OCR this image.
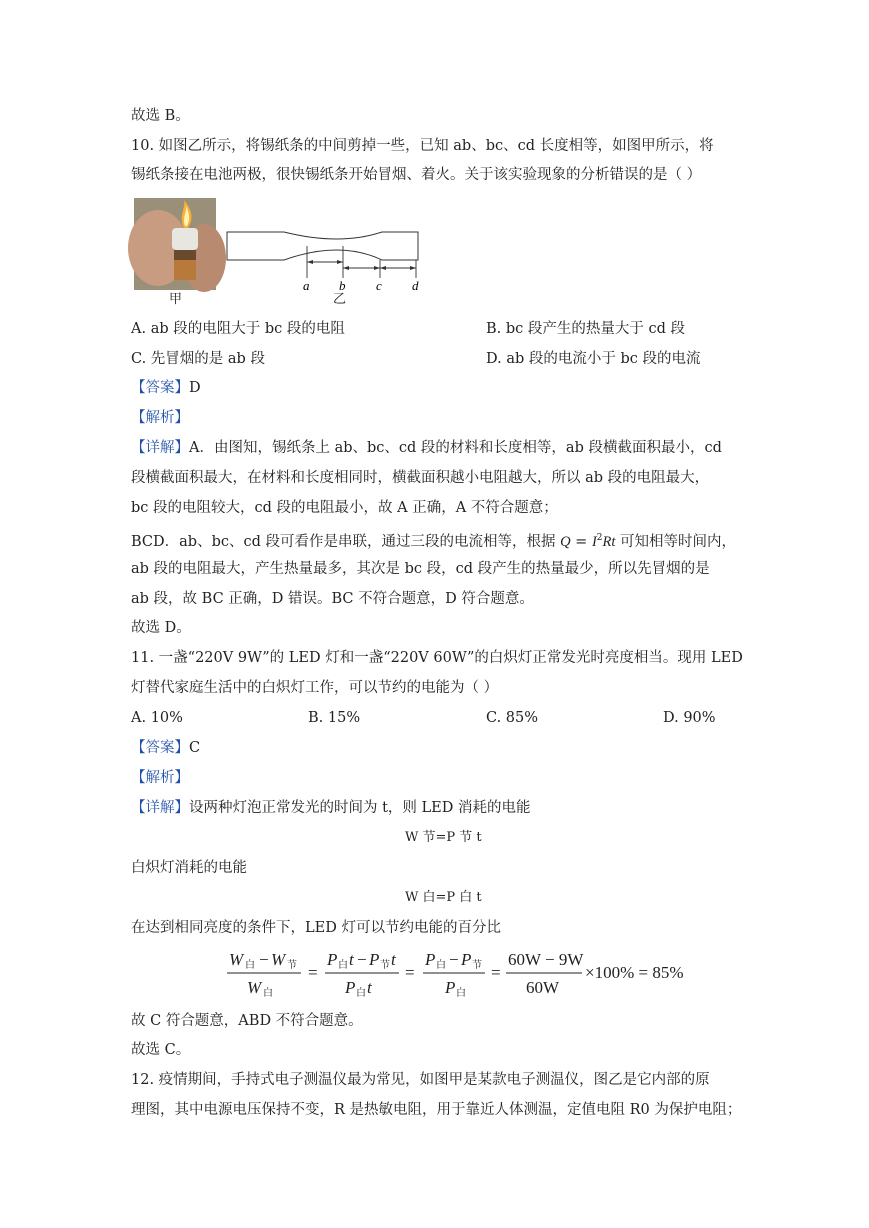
故选 B。
10. 如图乙所示，将锡纸条的中间剪掉一些，已知 ab、bc、cd 长度相等，如图甲所示，将
锡纸条接在电池两极，很快锡纸条开始冒烟、着火。关于该实验现象的分析错误的是（ ）
甲
a b c d
乙
A. ab 段的电阻大于 bc 段的电阻	B. bc 段产生的热量大于 cd 段
C. 先冒烟的是 ab 段	D. ab 段的电流小于 bc 段的电流
【答案】D
【解析】
【详解】A．由图知，锡纸条上 ab、bc、cd 段的材料和长度相等，ab 段横截面积最小，cd
段横截面积最大，在材料和长度相同时，横截面积越小电阻越大，所以 ab 段的电阻最大，
bc 段的电阻较大，cd 段的电阻最小，故 A 正确，A 不符合题意；
BCD．ab、bc、cd 段可看作是串联，通过三段的电流相等，根据 $Q = I^2Rt$ 可知相等时间内，
ab 段的电阻最大，产生热量最多，其次是 bc 段，cd 段产生的热量最少，所以先冒烟的是
ab 段，故 BC 正确，D 错误。BC 不符合题意，D 符合题意。
故选 D。
11. 一盏“220V 9W”的 LED 灯和一盏“220V 60W”的白炽灯正常发光时亮度相当。现用 LED
灯替代家庭生活中的白炽灯工作，可以节约的电能为（ ）
A. 10%	B. 15%	C. 85%	D. 90%
【答案】C
【解析】
【详解】设两种灯泡正常发光的时间为 t，则 LED 消耗的电能
W 节=P 节 t
白炽灯消耗的电能
W 白=P 白 t
在达到相同亮度的条件下，LED 灯可以节约电能的百分比
W 白 − W 节
W 白
=
P 白 t − P 节 t
P 白 t
=
P 白 − P 节
P 白
=
60W − 9W
60W
×100% = 85%
故 C 符合题意，ABD 不符合题意。
故选 C。
12. 疫情期间，手持式电子测温仪最为常见，如图甲是某款电子测温仪，图乙是它内部的原
理图，其中电源电压保持不变，R 是热敏电阻，用于靠近人体测温，定值电阻 R0 为保护电阻；
